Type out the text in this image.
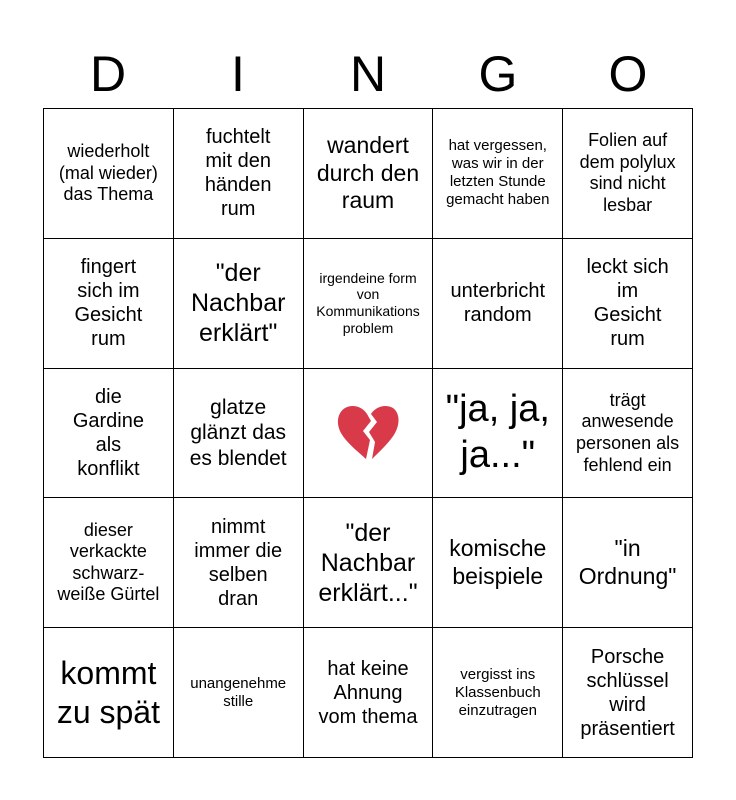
D	I	N	G	O
wiederholt (mal wieder) das Thema
fuchtelt mit den händen rum
wandert durch den raum
hat vergessen, was wir in der letzten Stunde gemacht haben
Folien auf dem polylux sind nicht lesbar
fingert sich im Gesicht rum
"der Nachbar erklärt"
irgendeine form von Kommunikations problem
unterbricht random
leckt sich im Gesicht rum
die Gardine als konflikt
glatze glänzt das es blendet
"ja, ja, ja..."
trägt anwesende personen als fehlend ein
dieser verkackte schwarz-weiße Gürtel
nimmt immer die selben dran
"der Nachbar erklärt..."
komische beispiele
"in Ordnung"
kommt zu spät
unangenehme stille
hat keine Ahnung vom thema
vergisst ins Klassenbuch einzutragen
Porsche schlüssel wird präsentiert
